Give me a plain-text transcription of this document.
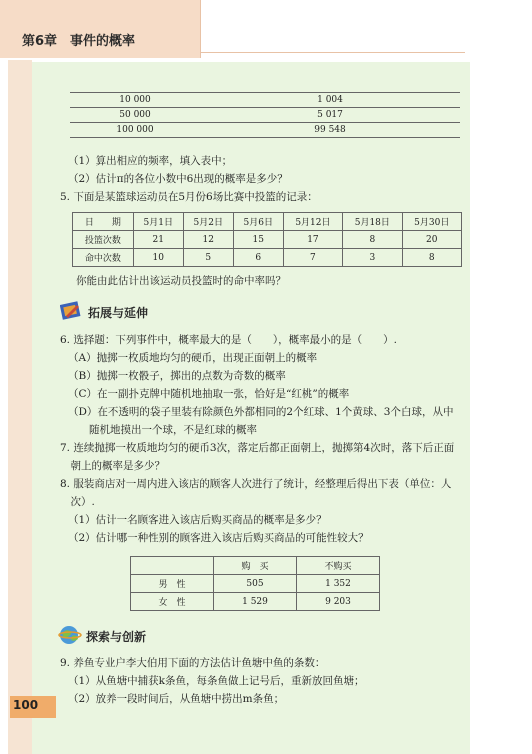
第6章　事件的概率
10 000	1 004	
50 000	5 017	
100 000	99 548	
（1）算出相应的频率，填入表中；
（2）估计π的各位小数中6出现的概率是多少？
5. 下面是某篮球运动员在5月份6场比赛中投篮的记录：
日　　期	5月1日	5月2日	5月6日	5月12日	5月18日	5月30日
投篮次数	21	12	15	17	8	20
命中次数	10	5	6	7	3	8
你能由此估计出该运动员投篮时的命中率吗？
拓展与延伸
6. 选择题：下列事件中，概率最大的是（　　），概率最小的是（　　）.
（A）抛掷一枚质地均匀的硬币，出现正面朝上的概率
（B）抛掷一枚骰子，掷出的点数为奇数的概率
（C）在一副扑克牌中随机地抽取一张，恰好是“红桃”的概率
（D）在不透明的袋子里装有除颜色外都相同的2个红球、1个黄球、3个白球，从中
　　随机地摸出一个球，不是红球的概率
7. 连续抛掷一枚质地均匀的硬币3次，落定后都正面朝上，抛掷第4次时，落下后正面
　朝上的概率是多少？
8. 服装商店对一周内进入该店的顾客人次进行了统计，经整理后得出下表（单位：人
　次）.
（1）估计一名顾客进入该店后购买商品的概率是多少？
（2）估计哪一种性别的顾客进入该店后购买商品的可能性较大？
	购　买	不购买
男　性	505	1 352
女　性	1 529	9 203
探索与创新
9. 养鱼专业户李大伯用下面的方法估计鱼塘中鱼的条数：
（1）从鱼塘中捕获k条鱼，每条鱼做上记号后，重新放回鱼塘；
（2）放养一段时间后，从鱼塘中捞出m条鱼；
100
